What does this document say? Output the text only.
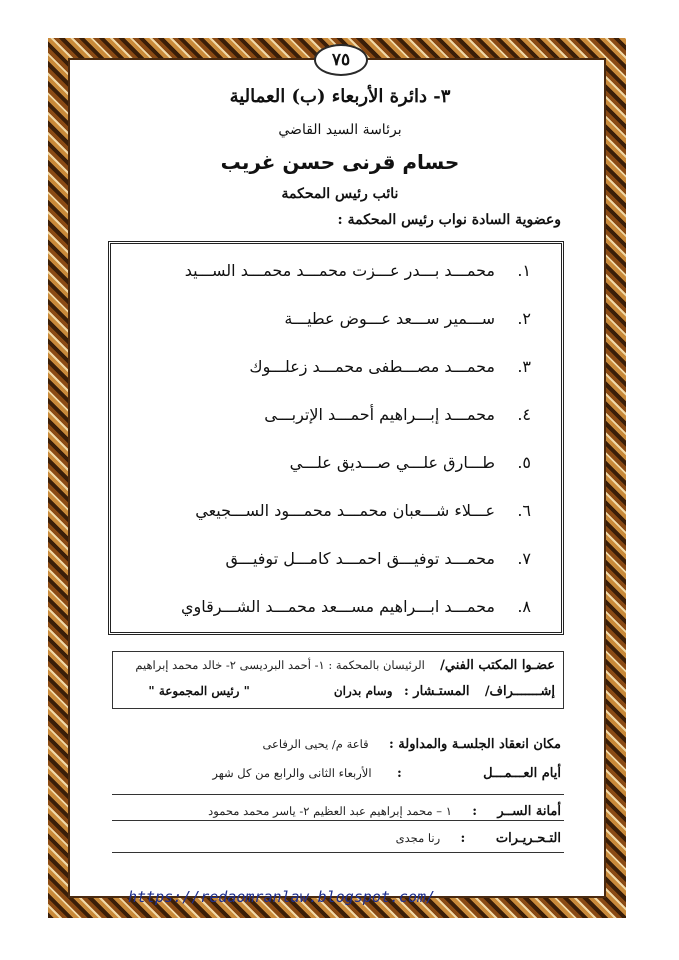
٧٥
٣- دائرة الأربعاء (ب) العمالية
برئاسة السيد القاضي
حسام قرنى حسن غريب
نائب رئيس المحكمة
وعضوية السادة نواب رئيس المحكمة :
١.محمـــد بـــدر عـــزت محمـــد محمـــد الســـيد
٢.ســـمير ســـعد عـــوض عطيـــة
٣.محمـــد مصـــطفى محمـــد زعلـــوك
٤.محمـــد إبـــراهيم أحمـــد الإتربـــى
٥.طـــارق علـــي صـــديق علـــي
٦.عـــلاء شـــعبان محمـــد محمـــود الســـجيعي
٧.محمـــد توفيـــق احمـــد كامـــل توفيـــق
٨.محمـــد ابـــراهيم مســـعد محمـــد الشـــرقاوي
عضـوا المكتب الفني/    الرئيسان بالمحكمة : ١- أحمد البرديسى ٢- خالد محمد إبراهيم
إشـــــــراف/    المستـشار :   وسام بدران                      " رئيس المجموعة "
مكان انعقاد الجلسـة والمداولة :    قاعة م/ يحيى الرفاعى
أيام العـــمـــل                :     الأربعاء الثانى والرابع من كل شهر
أمانة الســر    :    ١ – محمد إبراهيم عبد العظيم ٢- ياسر محمد محمود
التـحـريـرات      :    رنا مجدى
https://redaomranlaw.blogspot.com/
